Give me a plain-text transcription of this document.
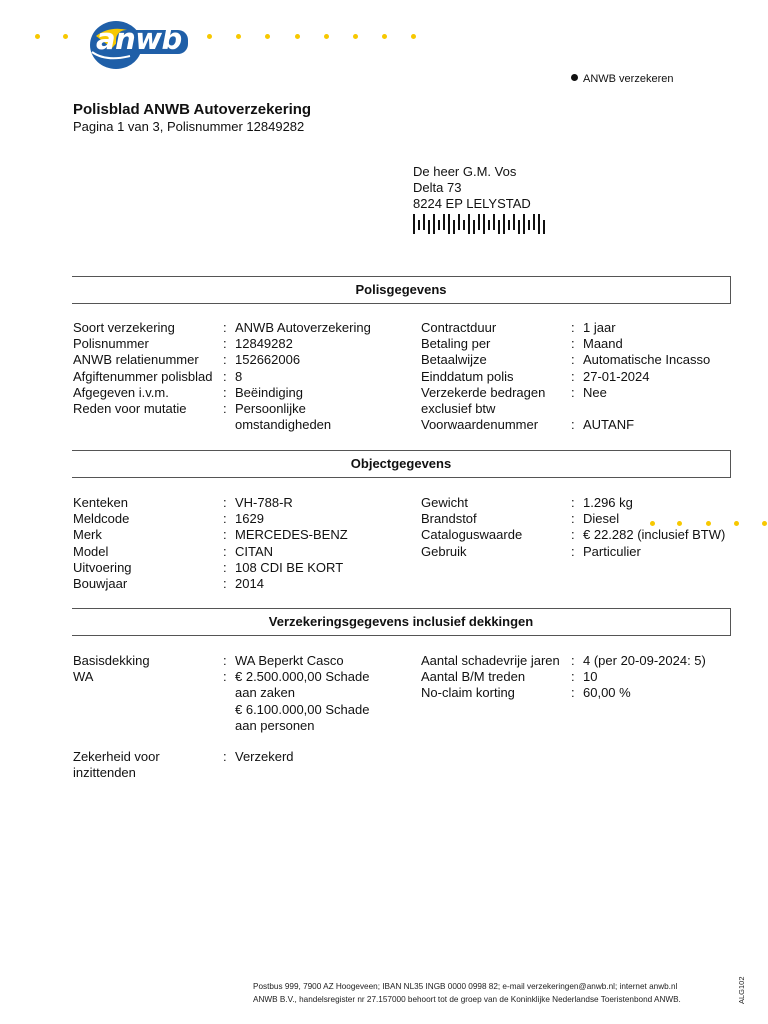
anwb
ANWB verzekeren
Polisblad ANWB Autoverzekering
Pagina 1 van 3, Polisnummer 12849282
De heer G.M. Vos
Delta 73
8224 EP LELYSTAD
Polisgegevens
Soort verzekering	: ANWB Autoverzekering
Polisnummer	: 12849282
ANWB relatienummer	: 152662006
Afgiftenummer polisblad : 8
Afgegeven i.v.m.	: Beëindiging
Reden voor mutatie	: Persoonlijke
omstandigheden
Contractduur	: 1 jaar
Betaling per	: Maand
Betaalwijze	: Automatische Incasso
Einddatum polis	: 27-01-2024
Verzekerde bedragen	: Nee
exclusief btw
Voorwaardenummer	: AUTANF
Objectgegevens
Kenteken	: VH-788-R
Meldcode	: 1629
Merk	: MERCEDES-BENZ
Model	: CITAN
Uitvoering	: 108 CDI BE KORT
Bouwjaar	: 2014
Gewicht	: 1.296 kg
Brandstof	: Diesel
Cataloguswaarde	: € 22.282 (inclusief BTW)
Gebruik	: Particulier
Verzekeringsgegevens inclusief dekkingen
Basisdekking	: WA Beperkt Casco
WA	: € 2.500.000,00 Schade
aan zaken
€ 6.100.000,00 Schade
aan personen
Zekerheid voor	: Verzekerd
inzittenden
Aantal schadevrije jaren : 4 (per 20-09-2024: 5)
Aantal B/M treden	: 10
No-claim korting	: 60,00 %
Postbus 999, 7900 AZ Hoogeveen; IBAN NL35 INGB 0000 0998 82; e-mail verzekeringen@anwb.nl; internet anwb.nl
ANWB B.V., handelsregister nr 27.157000 behoort tot de groep van de Koninklijke Nederlandse Toeristenbond ANWB.	ALG102
